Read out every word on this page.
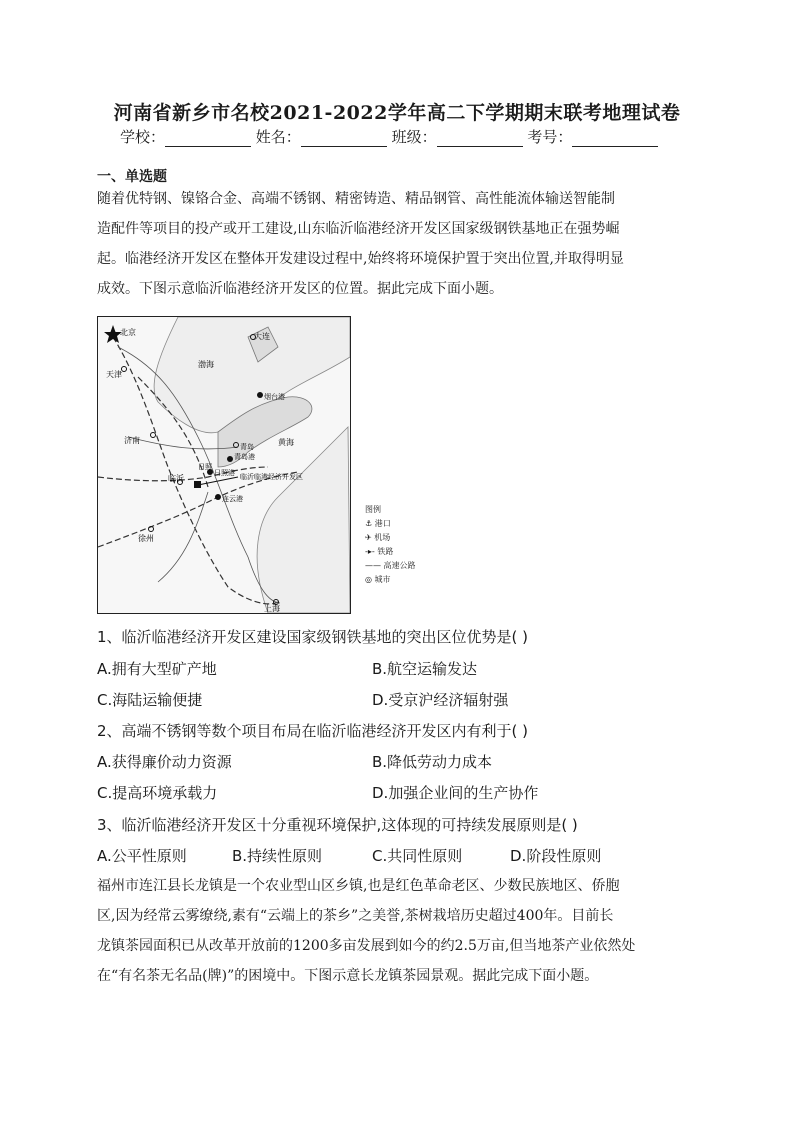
河南省新乡市名校2021-2022学年高二下学期期末联考地理试卷
学校：	姓名：	班级：	考号：
一、单选题
随着优特钢、镍铬合金、高端不锈钢、精密铸造、精品钢管、高性能流体输送智能制
造配件等项目的投产或开工建设,山东临沂临港经济开发区国家级钢铁基地正在强势崛
起。临港经济开发区在整体开发建设过程中,始终将环境保护置于突出位置,并取得明显
成效。下图示意临沂临港经济开发区的位置。据此完成下面小题。
北京
天津
大连
渤海
烟台港
济南
青岛
青岛港
黄海
日照
日照港
临沂	临沂临港经济开发区
连云港
徐州
上海
图例
⚓ 港口
✈ 机场
-▸- 铁路
—— 高速公路
◎ 城市
1、临沂临港经济开发区建设国家级钢铁基地的突出区位优势是( )
A.拥有大型矿产地	B.航空运输发达
C.海陆运输便捷	D.受京沪经济辐射强
2、高端不锈钢等数个项目布局在临沂临港经济开发区内有利于( )
A.获得廉价动力资源	B.降低劳动力成本
C.提高环境承载力	D.加强企业间的生产协作
3、临沂临港经济开发区十分重视环境保护,这体现的可持续发展原则是( )
A.公平性原则	B.持续性原则	C.共同性原则	D.阶段性原则
福州市连江县长龙镇是一个农业型山区乡镇,也是红色革命老区、少数民族地区、侨胞
区,因为经常云雾缭绕,素有“云端上的茶乡”之美誉,茶树栽培历史超过400年。目前长
龙镇茶园面积已从改革开放前的1200多亩发展到如今的约2.5万亩,但当地茶产业依然处
在“有名茶无名品(牌)”的困境中。下图示意长龙镇茶园景观。据此完成下面小题。
